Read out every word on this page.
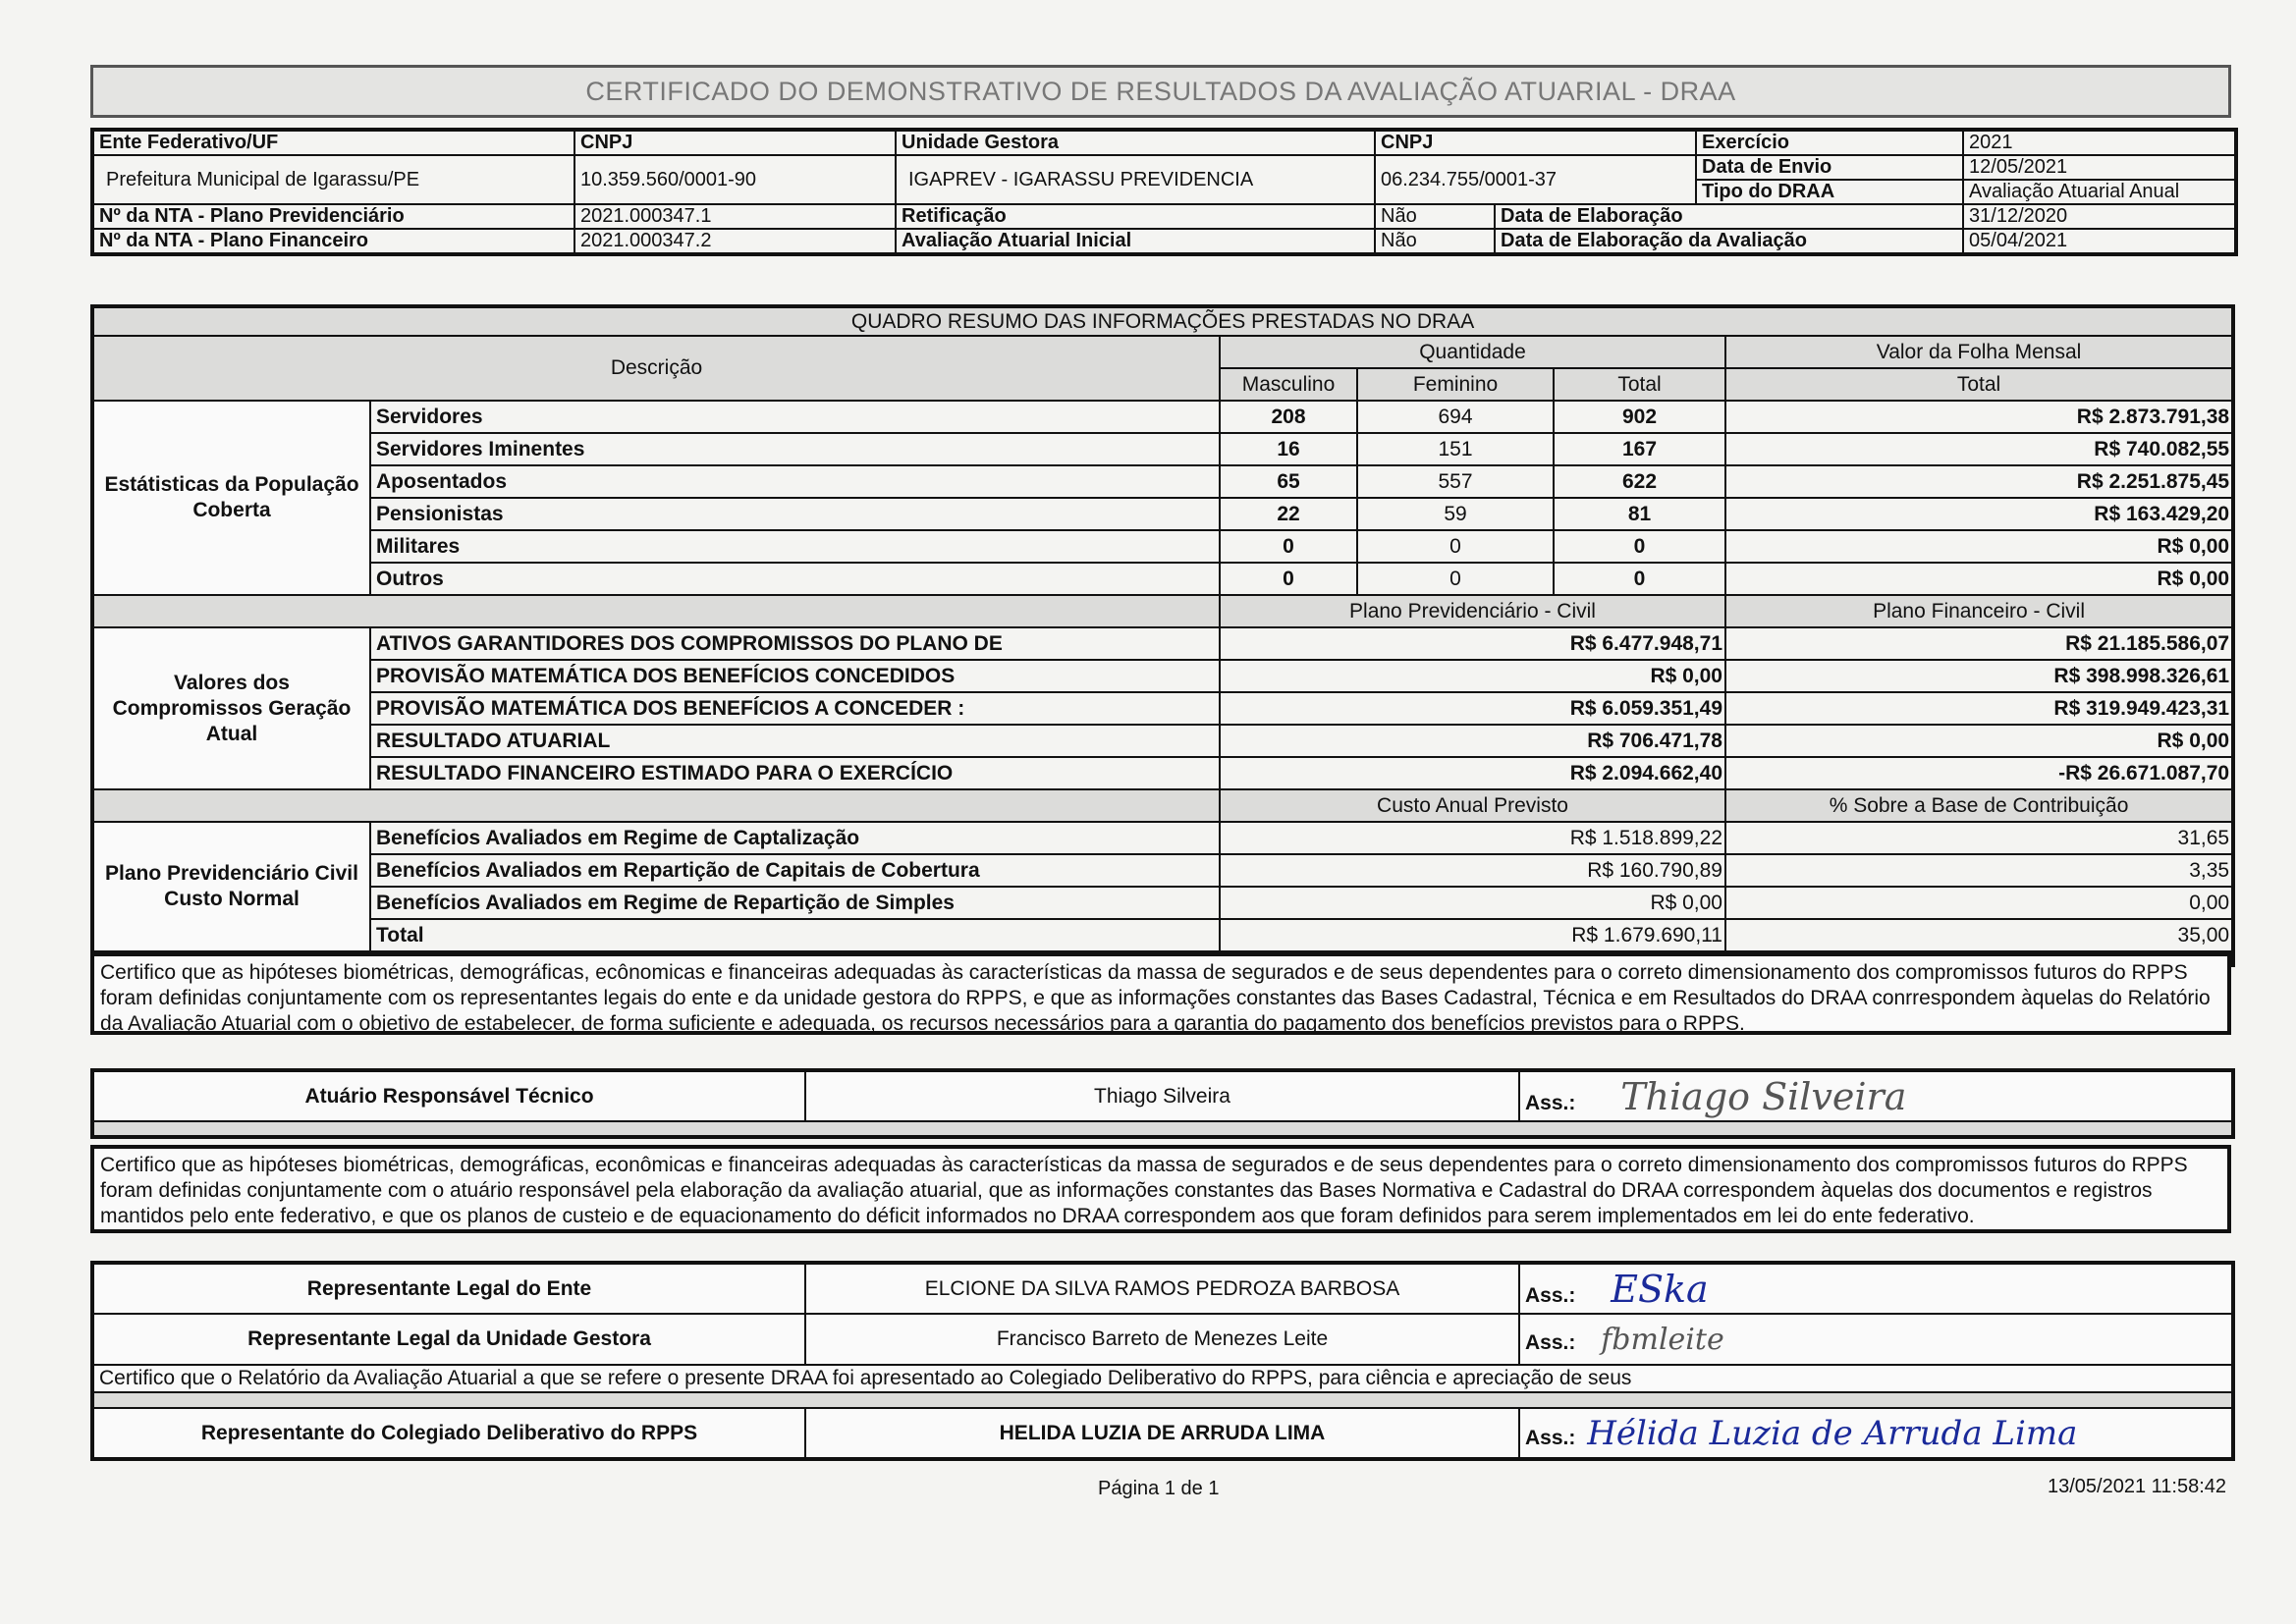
CERTIFICADO DO DEMONSTRATIVO DE RESULTADOS DA AVALIAÇÃO ATUARIAL - DRAA
Ente Federativo/UF	CNPJ	Unidade Gestora	CNPJ		Exercício	2021
Prefeitura Municipal de Igarassu/PE	10.359.560/0001-90	IGAPREV - IGARASSU PREVIDENCIA	06.234.755/0001-37		Data de Envio	12/05/2021
					Tipo do DRAA	Avaliação Atuarial Anual
Nº da NTA - Plano Previdenciário	2021.000347.1	Retificação	Não	Data de Elaboração		31/12/2020
Nº da NTA - Plano Financeiro	2021.000347.2	Avaliação Atuarial Inicial	Não	Data de Elaboração da Avaliação		05/04/2021
QUADRO RESUMO DAS INFORMAÇÕES PRESTADAS NO DRAA					
Descrição		Quantidade			Valor da Folha Mensal
		Masculino	Feminino	Total	Total
Estátisticas da População Coberta	Servidores	208	694	902	R$ 2.873.791,38
	Servidores Iminentes	16	151	167	R$ 740.082,55
	Aposentados	65	557	622	R$ 2.251.875,45
	Pensionistas	22	59	81	R$ 163.429,20
	Militares	0	0	0	R$ 0,00
	Outros	0	0	0	R$ 0,00
		Plano Previdenciário - Civil			Plano Financeiro - Civil
Valores dos Compromissos Geração Atual	ATIVOS GARANTIDORES DOS COMPROMISSOS DO PLANO DE	R$ 6.477.948,71			R$ 21.185.586,07
	PROVISÃO MATEMÁTICA DOS BENEFÍCIOS CONCEDIDOS	R$ 0,00			R$ 398.998.326,61
	PROVISÃO MATEMÁTICA DOS BENEFÍCIOS A CONCEDER :	R$ 6.059.351,49			R$ 319.949.423,31
	RESULTADO ATUARIAL	R$ 706.471,78			R$ 0,00
	RESULTADO FINANCEIRO ESTIMADO PARA O EXERCÍCIO	R$ 2.094.662,40			-R$ 26.671.087,70
		Custo Anual Previsto			% Sobre a Base de Contribuição
Plano Previdenciário Civil Custo Normal	Benefícios Avaliados em Regime de Captalização	R$ 1.518.899,22			31,65
	Benefícios Avaliados em Repartição de Capitais de Cobertura	R$ 160.790,89			3,35
	Benefícios Avaliados em Regime de Repartição de Simples	R$ 0,00			0,00
	Total	R$ 1.679.690,11			35,00

Certifico que as hipóteses biométricas, demográficas, ecônomicas e financeiras adequadas às características da massa de segurados e de seus dependentes para o correto dimensionamento dos compromissos futuros do RPPS foram definidas conjuntamente com os representantes legais do ente e da unidade gestora do RPPS, e que as informações constantes das Bases Cadastral, Técnica e em Resultados do DRAA conrrespondem àquelas do Relatório da Avaliação Atuarial com o objetivo de estabelecer, de forma suficiente e adequada, os recursos necessários para a garantia do pagamento dos benefícios previstos para o RPPS.
Atuário Responsável Técnico	Thiago Silveira	Ass.: Thiago Silveira

Certifico que as hipóteses biométricas, demográficas, econômicas e financeiras adequadas às características da massa de segurados e de seus dependentes para o correto dimensionamento dos compromissos futuros do RPPS foram definidas conjuntamente com o atuário responsável pela elaboração da avaliação atuarial, que as informações constantes das Bases Normativa e Cadastral do DRAA correspondem àquelas dos documentos e registros mantidos pelo ente federativo, e que os planos de custeio e de equacionamento do déficit informados no DRAA correspondem aos que foram definidos para serem implementados em lei do ente federativo.
Representante Legal do Ente	ELCIONE DA SILVA RAMOS PEDROZA BARBOSA	Ass.: ESka
Representante Legal da Unidade Gestora	Francisco Barreto de Menezes Leite	Ass.: fbmleite
Certifico que o Relatório da Avaliação Atuarial a que se refere o presente DRAA foi apresentado ao Colegiado Deliberativo do RPPS, para ciência e apreciação de seus		

Representante do Colegiado Deliberativo do RPPS	HELIDA LUZIA DE ARRUDA LIMA	Ass.: Hélida Luzia de Arruda Lima
Página 1 de 1	13/05/2021 11:58:42
